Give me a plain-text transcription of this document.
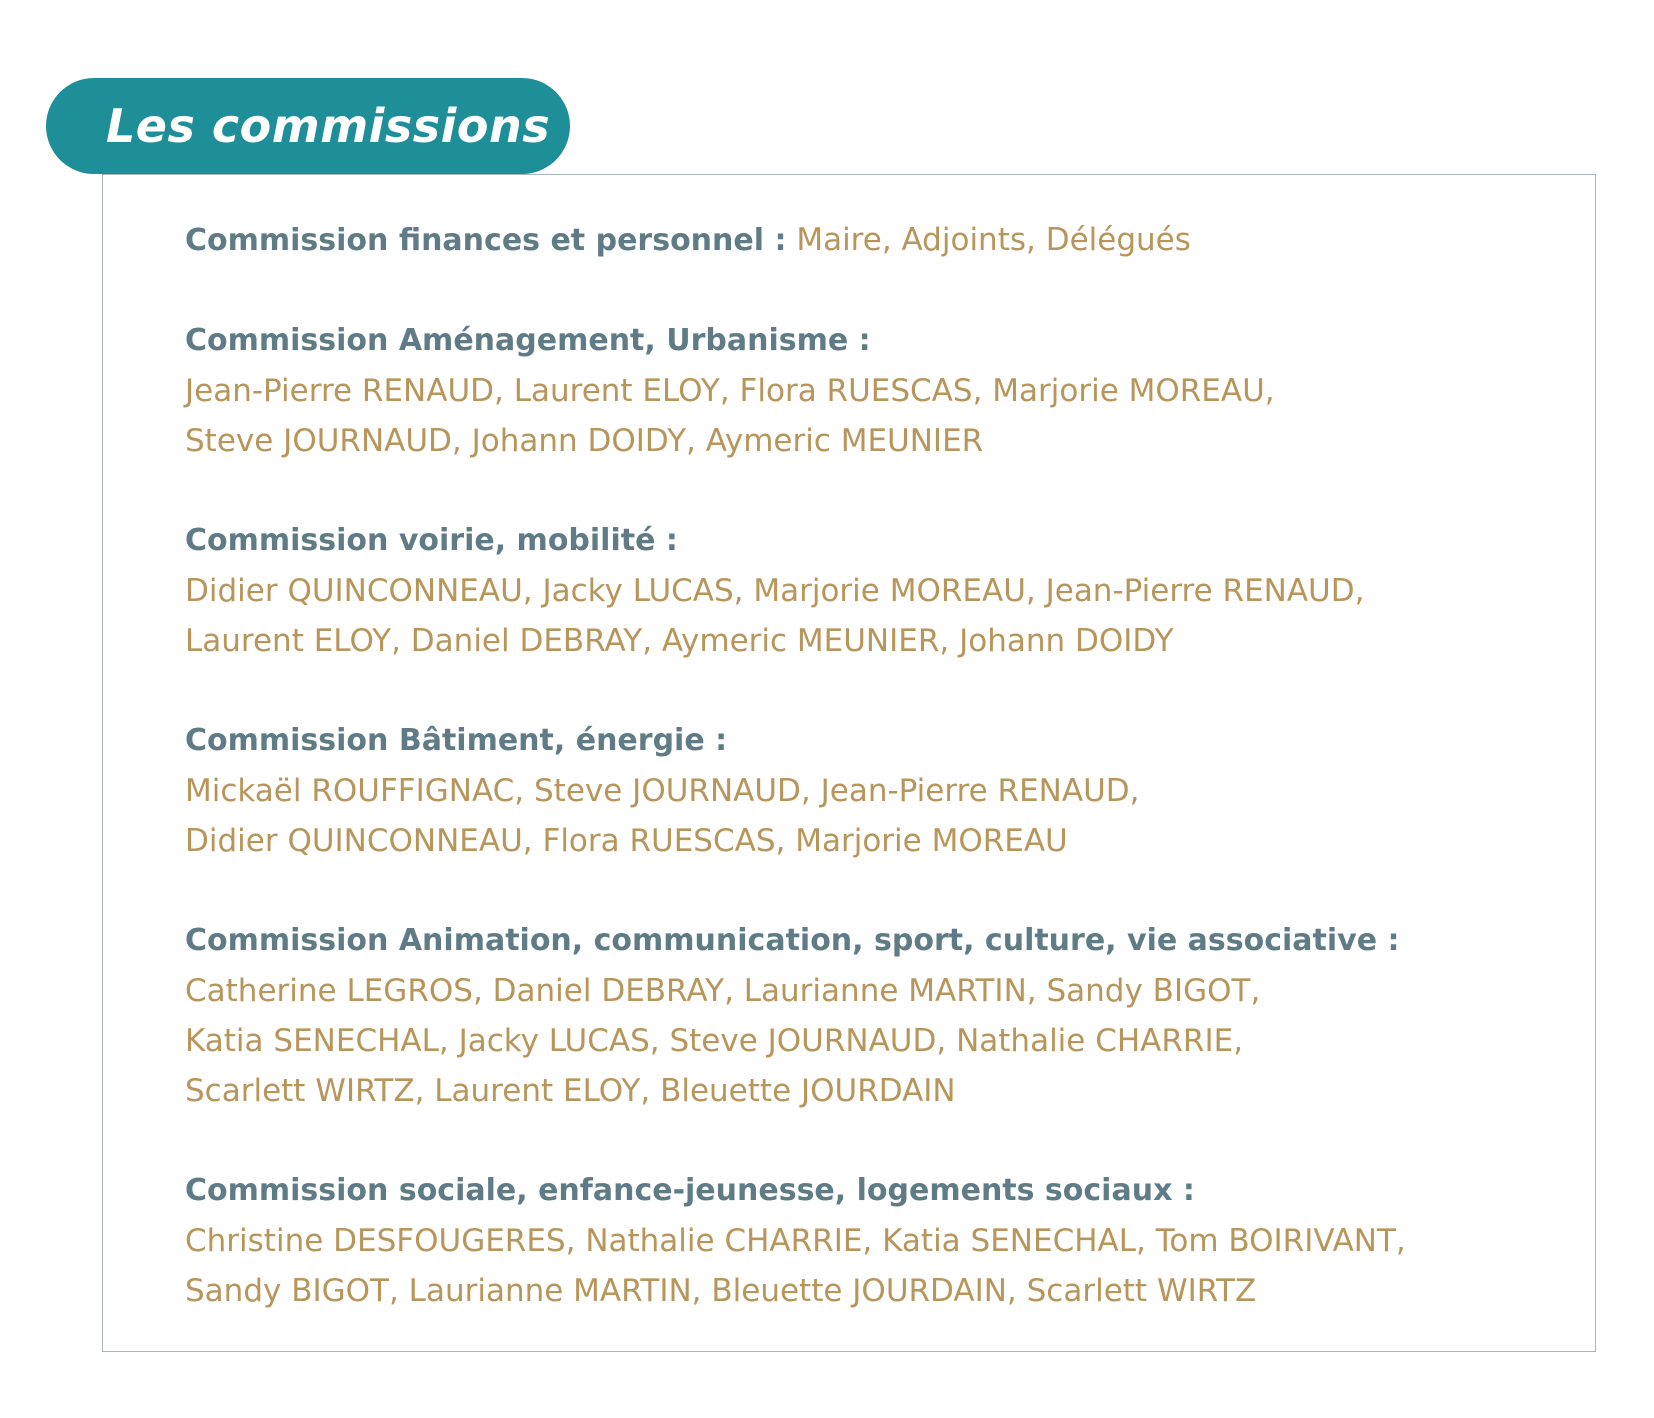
Les commissions
Commission finances et personnel : Maire, Adjoints, Délégués
Commission Aménagement, Urbanisme :
Jean-Pierre RENAUD, Laurent ELOY, Flora RUESCAS, Marjorie MOREAU,
Steve JOURNAUD, Johann DOIDY, Aymeric MEUNIER
Commission voirie, mobilité :
Didier QUINCONNEAU, Jacky LUCAS, Marjorie MOREAU, Jean-Pierre RENAUD,
Laurent ELOY, Daniel DEBRAY, Aymeric MEUNIER, Johann DOIDY
Commission Bâtiment, énergie :
Mickaël ROUFFIGNAC, Steve JOURNAUD, Jean-Pierre RENAUD,
Didier QUINCONNEAU, Flora RUESCAS, Marjorie MOREAU
Commission Animation, communication, sport, culture, vie associative :
Catherine LEGROS, Daniel DEBRAY, Laurianne MARTIN, Sandy BIGOT,
Katia SENECHAL, Jacky LUCAS, Steve JOURNAUD, Nathalie CHARRIE,
Scarlett WIRTZ, Laurent ELOY, Bleuette JOURDAIN
Commission sociale, enfance-jeunesse, logements sociaux :
Christine DESFOUGERES, Nathalie CHARRIE, Katia SENECHAL, Tom BOIRIVANT,
Sandy BIGOT, Laurianne MARTIN, Bleuette JOURDAIN, Scarlett WIRTZ
